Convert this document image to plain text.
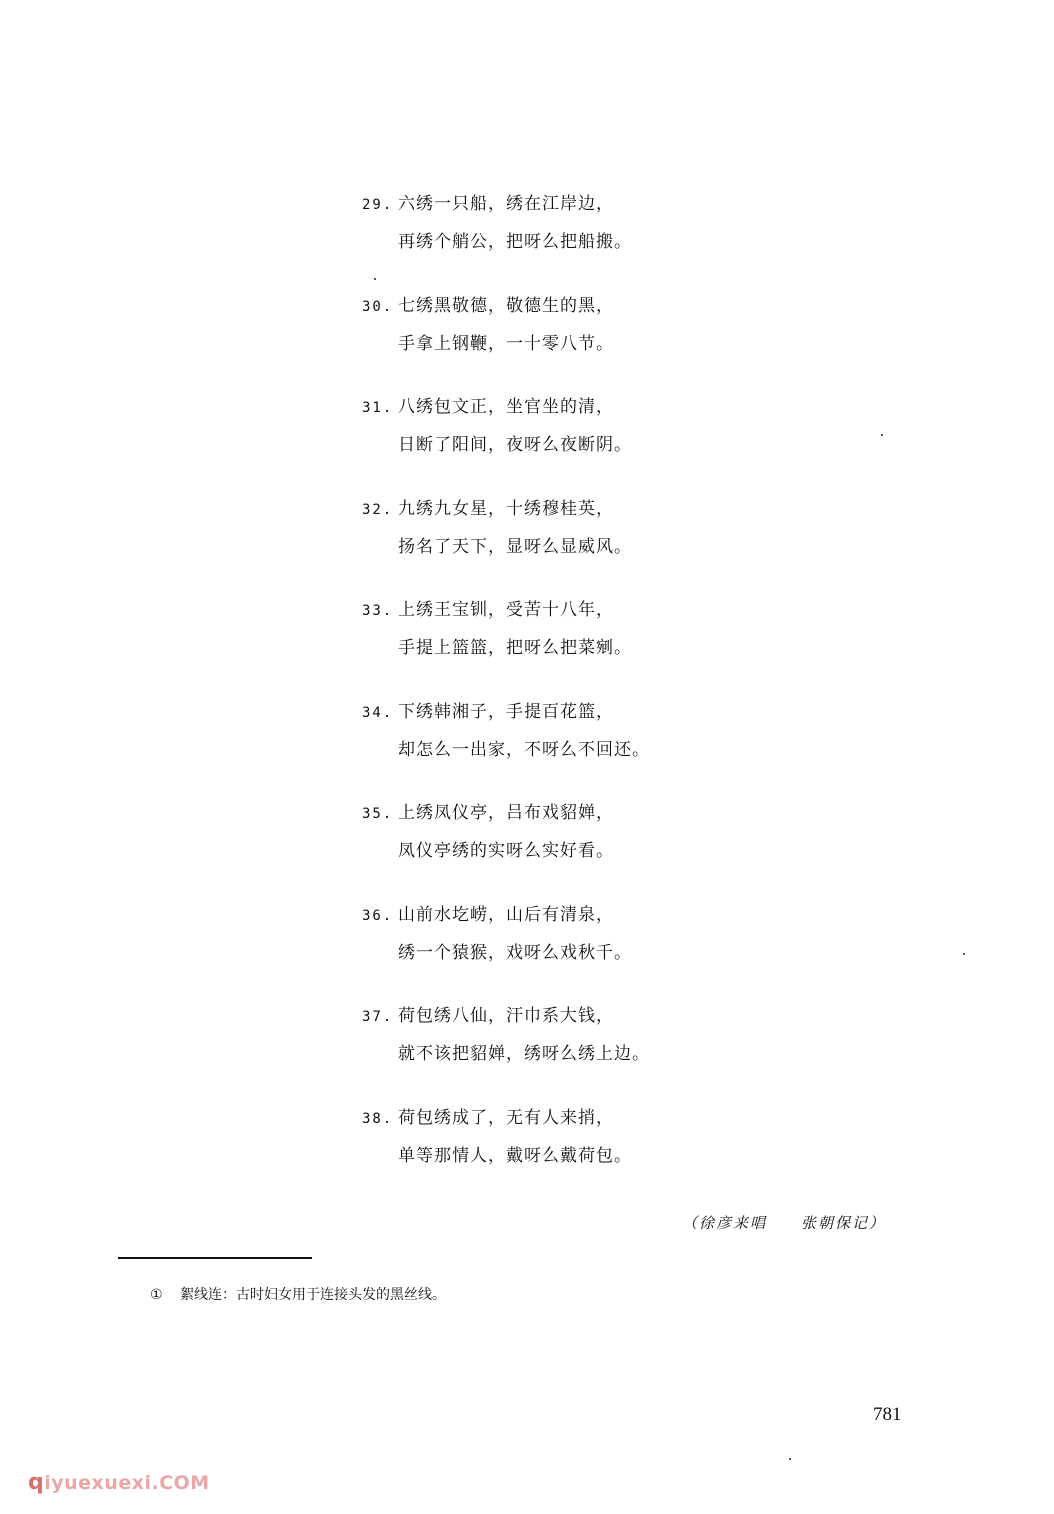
29. 六绣一只船，绣在江岸边，
再绣个艄公，把呀么把船搬。
30. 七绣黑敬德，敬德生的黑，
手拿上钢鞭，一十零八节。
31. 八绣包文正，坐官坐的清，
日断了阳间，夜呀么夜断阴。
32. 九绣九女星，十绣穆桂英，
扬名了天下，显呀么显威风。
33. 上绣王宝钏，受苦十八年，
手提上篮篮，把呀么把菜剜。
34. 下绣韩湘子，手提百花篮，
却怎么一出家，不呀么不回还。
35. 上绣凤仪亭，吕布戏貂婵，
凤仪亭绣的实呀么实好看。
36. 山前水圪崂，山后有清泉，
绣一个猿猴，戏呀么戏秋千。
37. 荷包绣八仙，汗巾系大钱，
就不该把貂婵，绣呀么绣上边。
38. 荷包绣成了，无有人来捎，
单等那情人，戴呀么戴荷包。
（徐彦来唱 张朝保记）
① 絮线连：古时妇女用于连接头发的黑丝线。
781
qiyuexuexi.COM
